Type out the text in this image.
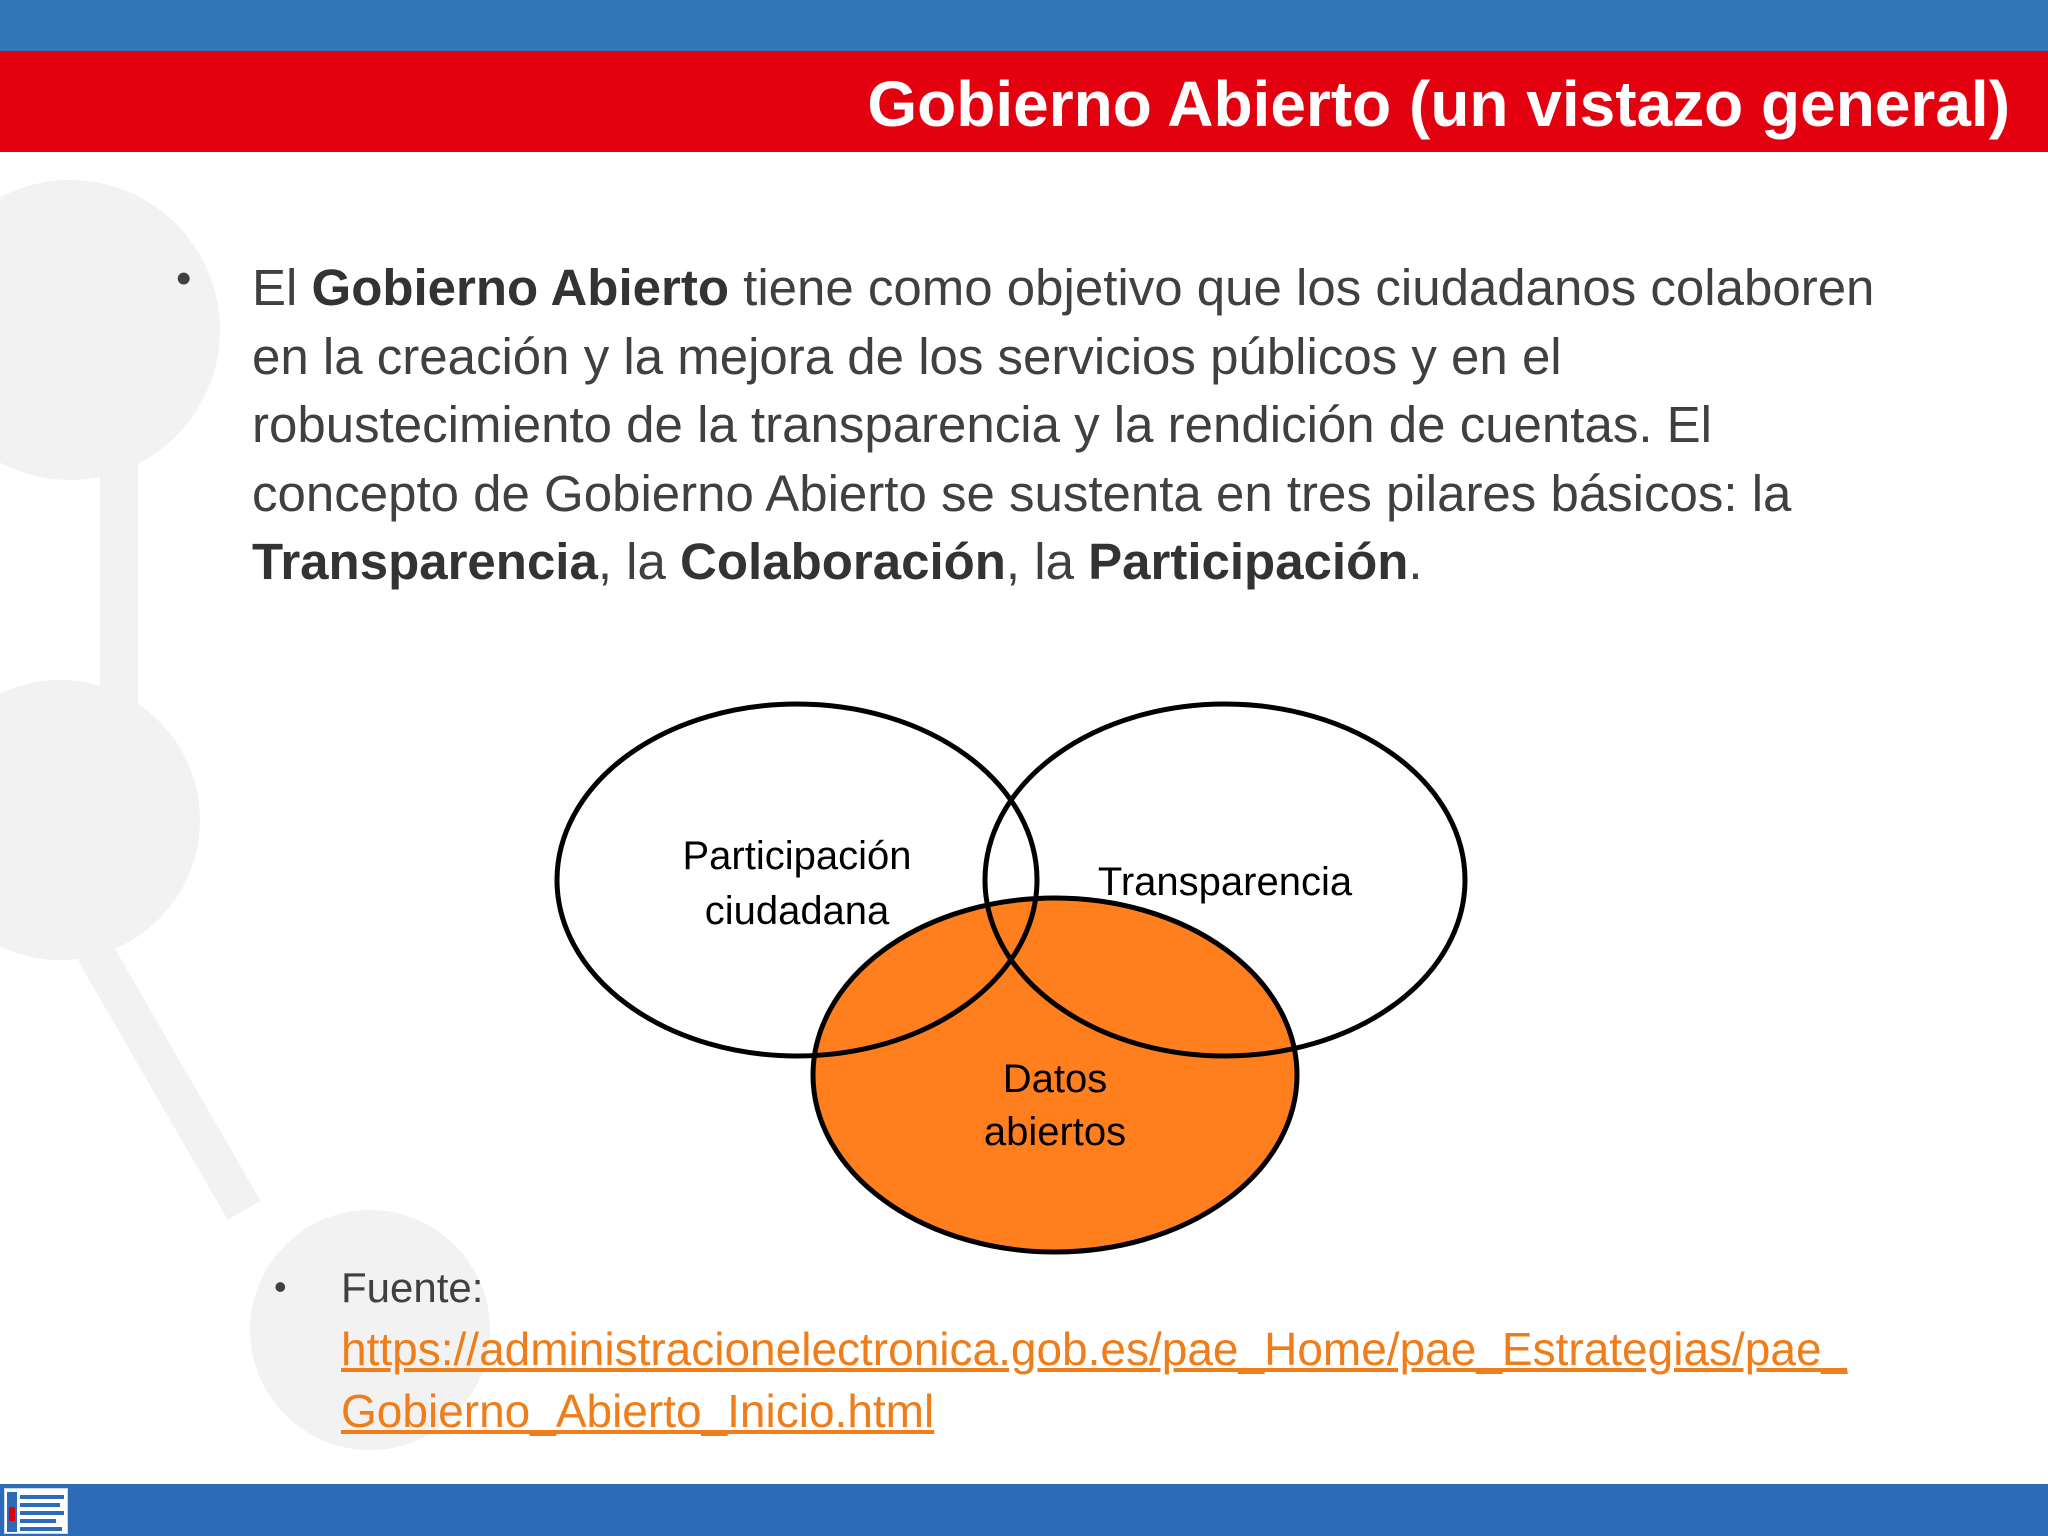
Gobierno Abierto (un vistazo general)
• El Gobierno Abierto tiene como objetivo que los ciudadanos colaboren en la creación y la mejora de los servicios públicos y en el robustecimiento de la transparencia y la rendición de cuentas. El concepto de Gobierno Abierto se sustenta en tres pilares básicos: la Transparencia, la Colaboración, la Participación.

Participación
ciudadana
Transparencia
Datos
abiertos
• Fuente:
https://administracionelectronica.gob.es/pae_Home/pae_Estrategias/pae_Gobierno_Abierto_Inicio.html
